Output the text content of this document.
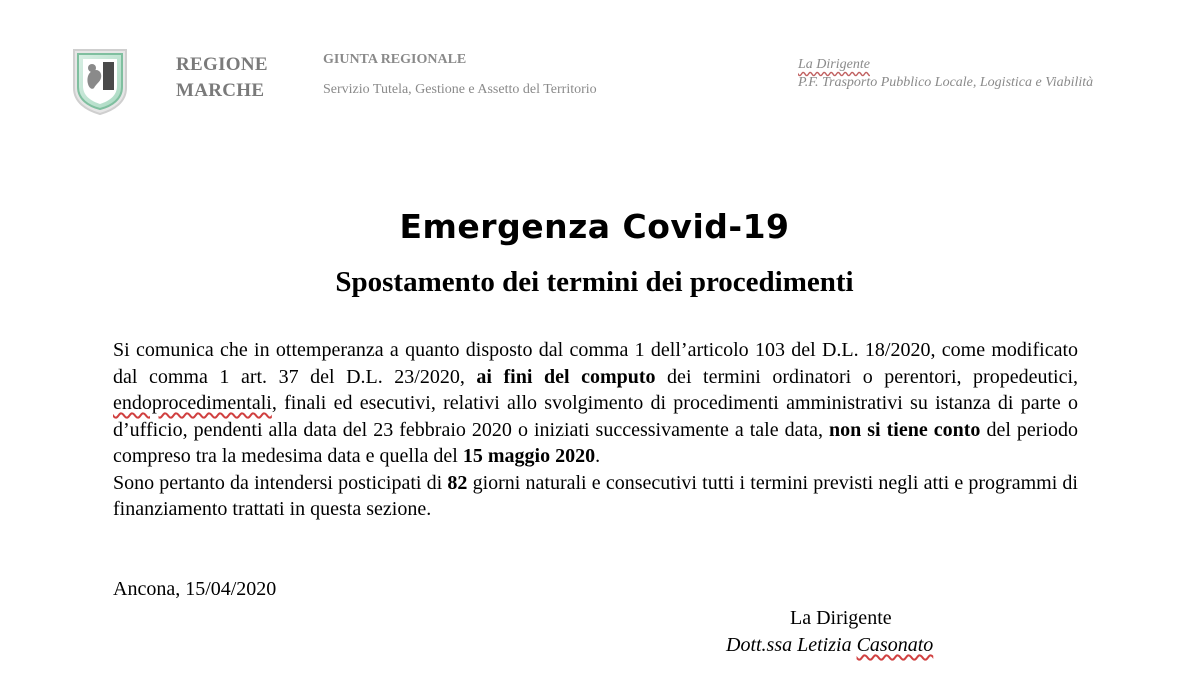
REGIONE
MARCHE
GIUNTA REGIONALE
Servizio Tutela, Gestione e Assetto del Territorio
La Dirigente
P.F. Trasporto Pubblico Locale, Logistica e Viabilità
Emergenza Covid-19
Spostamento dei termini dei procedimenti

Si comunica che in ottemperanza a quanto disposto dal comma 1 dell’articolo 103 del D.L. 18/2020, come modificato dal comma 1 art. 37 del D.L. 23/2020, ai fini del computo dei termini ordinatori o perentori, propedeutici, endoprocedimentali, finali ed esecutivi, relativi allo svolgimento di procedimenti amministrativi su istanza di parte o d’ufficio, pendenti alla data del 23 febbraio 2020 o iniziati successivamente a tale data, non si tiene conto del periodo compreso tra la medesima data e quella del 15 maggio 2020.

Sono pertanto da intendersi posticipati di 82 giorni naturali e consecutivi tutti i termini previsti negli atti e programmi di finanziamento trattati in questa sezione.

Ancona, 15/04/2020
La Dirigente
Dott.ssa Letizia Casonato
